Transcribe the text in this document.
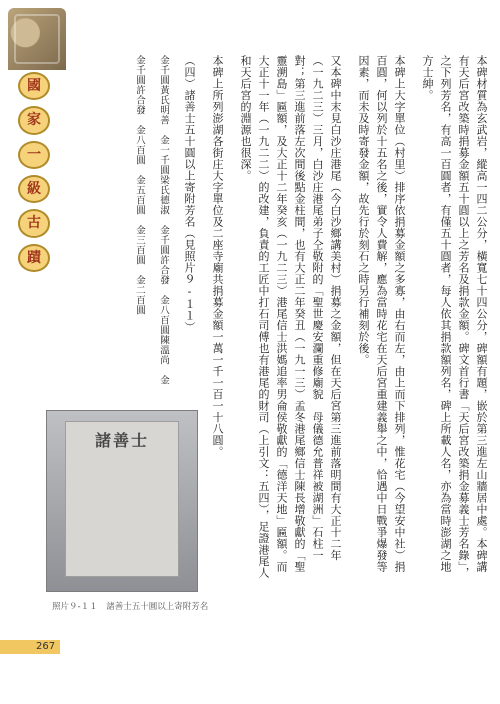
國
家
一
級
古
蹟	本碑材質為玄武岩，縱高一四二公分，橫寬七十四公分，碑額有題，嵌於第三進左山牆居中處。本碑講有天后宮改築時捐募金額五十圓以上之芳名及捐款金額。碑文首行書「天后宮改築捐金募義士芳名錄」，之下列芳名，有高一百圓者，有僅五十圓者，每人依其捐款額列名，碑上所載人名，亦為當時澎湖之地方士紳。

本碑上大字單位（村里）排序依捐募金額之多寡，由右而左，由上而下排列，惟花宅（今望安中社）捐百圓，何以列於十五名之後，實令人費解，應為當時花宅在天后宮重建義舉之中，恰遇中日戰爭爆發等因素，而未及時寄發金額，故先行於刻石之時另行補刻於後。

又本碑中末見白沙庄港尾（今白沙鄉講美村）捐募之金額，但在天后宮第三進前落明間有大正十二年（一九二三）三月，白沙庄港尾弟子仝敬附的「聖世慶安瀾重修廟貌　母儀德允普祥被湖洲」石柱一對；第三進前落左次間後點金柱間，也有大正二年癸丑（一九一三）孟冬港尾鄉信士陳長增敬獻的「聖靈溯島」匾額，及大正十二年癸亥（一九二三）港尾信士洪媽追率男侖侯敬獻的「德洋天地」匾額。而大正十一年（一九二二）的改建，負責的工匠中打石司傅也有港尾的財司（上引文：五四），足證港尾人和天后宮的淵源也很深。

本碑上所列澎湖各街庄大字單位及二座寺廟共捐募金額一萬一千一百一十八圓。

（四）諸善士五十圓以上寄附芳名（見照片９-１１）

金千圓黃氏明善　金一千圓梁氏德淑　金千圓許合發　金八百圓陳溫尚　金

金千圓許合發　金八百圓　金五百圓　金三百圓　金二百圓

諸善士
照片９-１１ 諸善士五十圓以上寄附芳名
267
